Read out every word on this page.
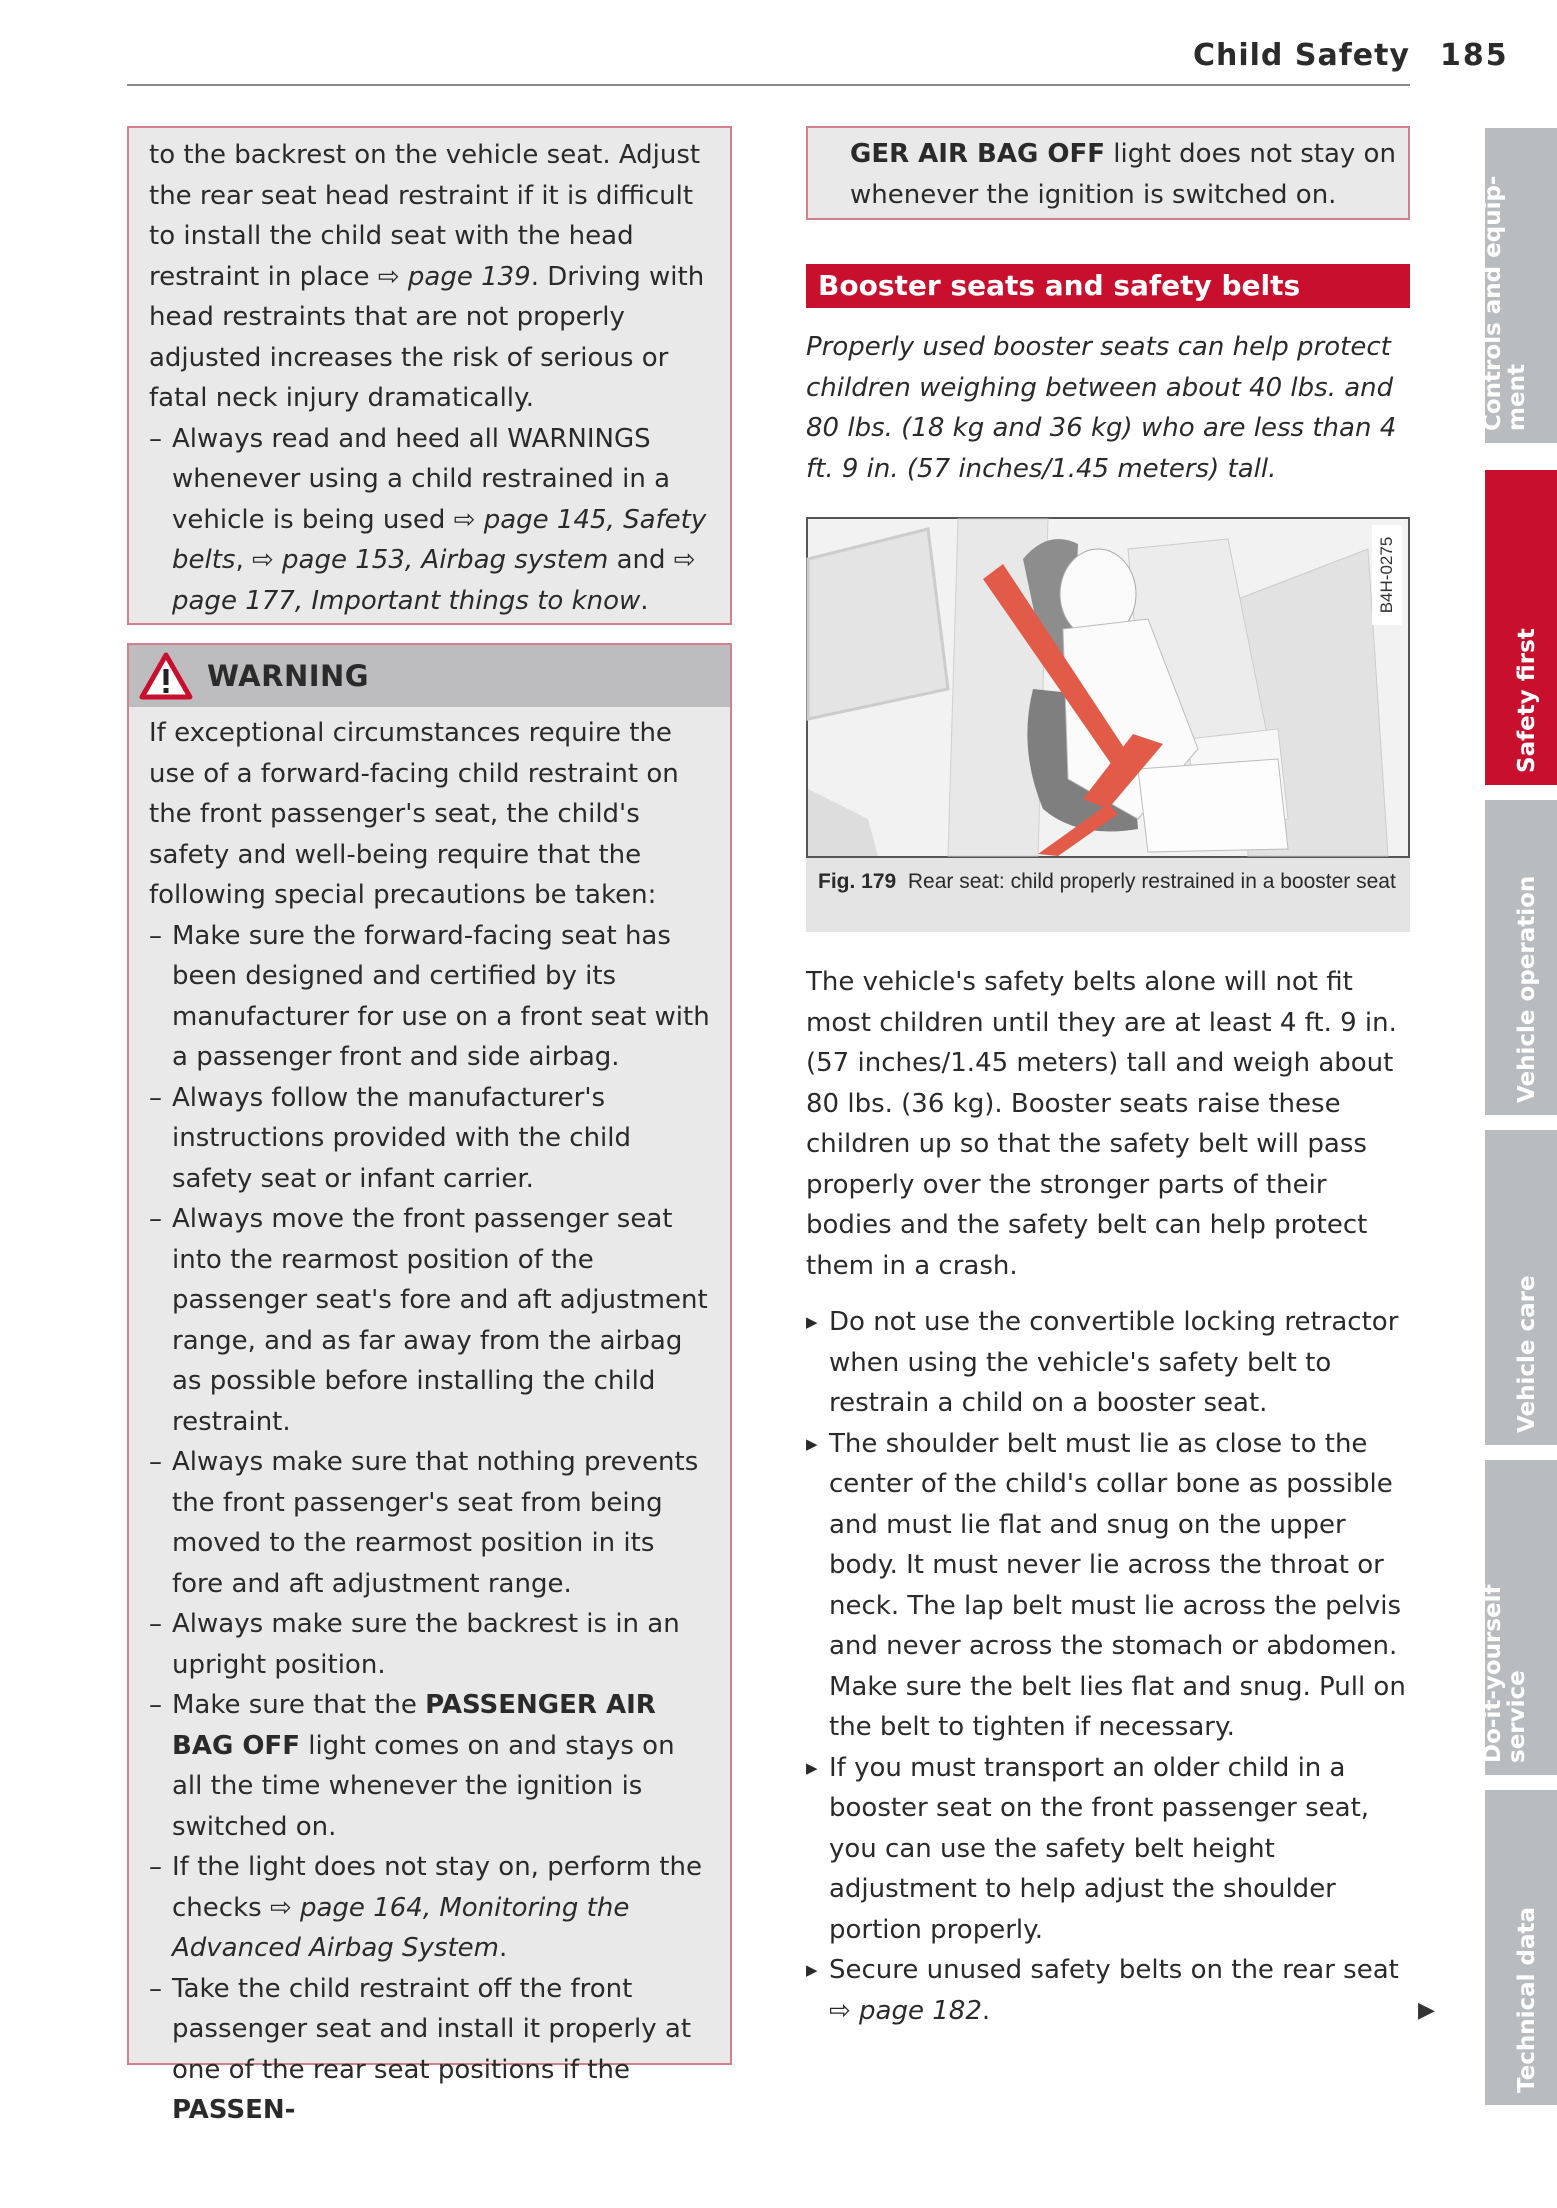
Child Safety 185
to the backrest on the vehicle seat. Adjust the rear seat head restraint if it is difficult to install the child seat with the head restraint in place ⇨ page 139. Driving with head restraints that are not properly adjusted increases the risk of serious or fatal neck injury dramatically.
– Always read and heed all WARNINGS whenever using a child restrained in a vehicle is being used ⇨ page 145, Safety belts, ⇨ page 153, Airbag system and ⇨ page 177, Important things to know.
WARNING
If exceptional circumstances require the use of a forward-facing child restraint on the front passenger's seat, the child's safety and well-being require that the following special precautions be taken:
– Make sure the forward-facing seat has been designed and certified by its manufacturer for use on a front seat with a passenger front and side airbag.
– Always follow the manufacturer's instructions provided with the child safety seat or infant carrier.
– Always move the front passenger seat into the rearmost position of the passenger seat's fore and aft adjustment range, and as far away from the airbag as possible before installing the child restraint.
– Always make sure that nothing prevents the front passenger's seat from being moved to the rearmost position in its fore and aft adjustment range.
– Always make sure the backrest is in an upright position.
– Make sure that the PASSENGER AIR BAG OFF light comes on and stays on all the time whenever the ignition is switched on.
– If the light does not stay on, perform the checks ⇨ page 164, Monitoring the Advanced Airbag System.
– Take the child restraint off the front passenger seat and install it properly at one of the rear seat positions if the PASSEN-
GER AIR BAG OFF light does not stay on whenever the ignition is switched on.
Booster seats and safety belts
Properly used booster seats can help protect children weighing between about 40 lbs. and 80 lbs. (18 kg and 36 kg) who are less than 4 ft. 9 in. (57 inches/1.45 meters) tall.
B4H-0275
Fig. 179 Rear seat: child properly restrained in a booster seat
The vehicle's safety belts alone will not fit most children until they are at least 4 ft. 9 in. (57 inches/1.45 meters) tall and weigh about 80 lbs. (36 kg). Booster seats raise these children up so that the safety belt will pass properly over the stronger parts of their bodies and the safety belt can help protect them in a crash.
▶ Do not use the convertible locking retractor when using the vehicle's safety belt to restrain a child on a booster seat.
▶ The shoulder belt must lie as close to the center of the child's collar bone as possible and must lie flat and snug on the upper body. It must never lie across the throat or neck. The lap belt must lie across the pelvis and never across the stomach or abdomen. Make sure the belt lies flat and snug. Pull on the belt to tighten if necessary.
▶ If you must transport an older child in a booster seat on the front passenger seat, you can use the safety belt height adjustment to help adjust the shoulder portion properly.
▶ Secure unused safety belts on the rear seat ⇨ page 182.	▶
Controls and equip-
ment
Safety first
Vehicle operation
Vehicle care
Do-it-yourself
service
Technical data
